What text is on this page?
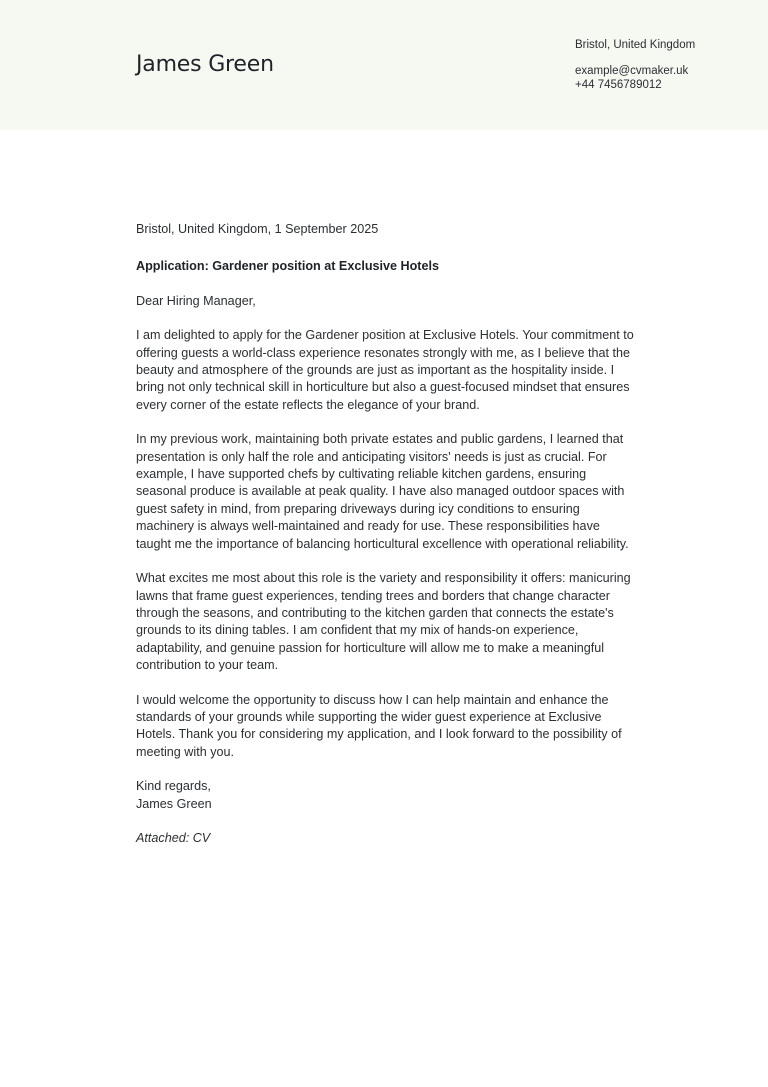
James Green
Bristol, United Kingdom
example@cvmaker.uk
+44 7456789012
Bristol, United Kingdom, 1 September 2025
Application: Gardener position at Exclusive Hotels
Dear Hiring Manager,

I am delighted to apply for the Gardener position at Exclusive Hotels. Your commitment to offering guests a world-class experience resonates strongly with me, as I believe that the beauty and atmosphere of the grounds are just as important as the hospitality inside. I bring not only technical skill in horticulture but also a guest-focused mindset that ensures every corner of the estate reflects the elegance of your brand.

In my previous work, maintaining both private estates and public gardens, I learned that presentation is only half the role and anticipating visitors' needs is just as crucial. For example, I have supported chefs by cultivating reliable kitchen gardens, ensuring seasonal produce is available at peak quality. I have also managed outdoor spaces with guest safety in mind, from preparing driveways during icy conditions to ensuring machinery is always well-maintained and ready for use. These responsibilities have taught me the importance of balancing horticultural excellence with operational reliability.

What excites me most about this role is the variety and responsibility it offers: manicuring lawns that frame guest experiences, tending trees and borders that change character through the seasons, and contributing to the kitchen garden that connects the estate's grounds to its dining tables. I am confident that my mix of hands-on experience, adaptability, and genuine passion for horticulture will allow me to make a meaningful contribution to your team.

I would welcome the opportunity to discuss how I can help maintain and enhance the standards of your grounds while supporting the wider guest experience at Exclusive Hotels. Thank you for considering my application, and I look forward to the possibility of meeting with you.

Kind regards,
James Green
Attached: CV
